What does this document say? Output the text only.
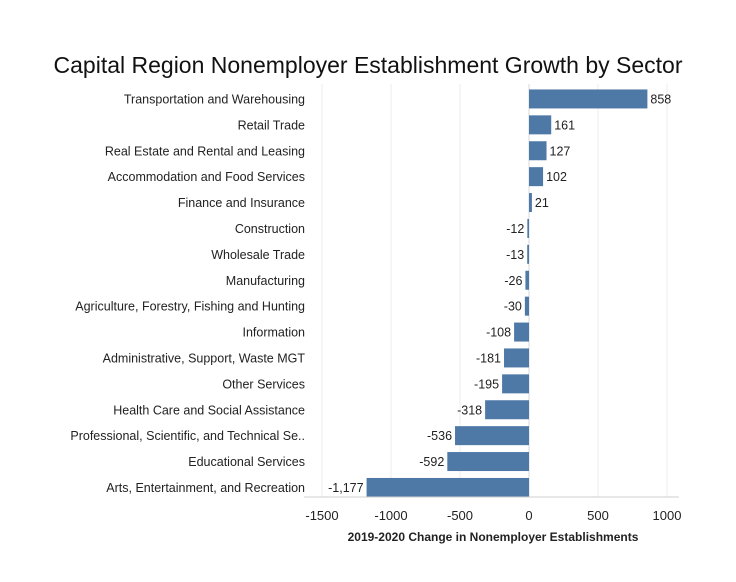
Capital Region Nonemployer Establishment Growth by Sector
Transportation and Warehousing
Retail Trade
Real Estate and Rental and Leasing
Accommodation and Food Services
Finance and Insurance
Construction
Wholesale Trade
Manufacturing
Agriculture, Forestry, Fishing and Hunting
Information
Administrative, Support, Waste MGT
Other Services
Health Care and Social Assistance
Professional, Scientific, and Technical Se..
Educational Services
Arts, Entertainment, and Recreation
858
161
127
102
21
-12
-13
-26
-30
-108
-181
-195
-318
-536
-592
-1,177
-1500	-1000	-500	0	500	1000
2019-2020 Change in Nonemployer Establishments
